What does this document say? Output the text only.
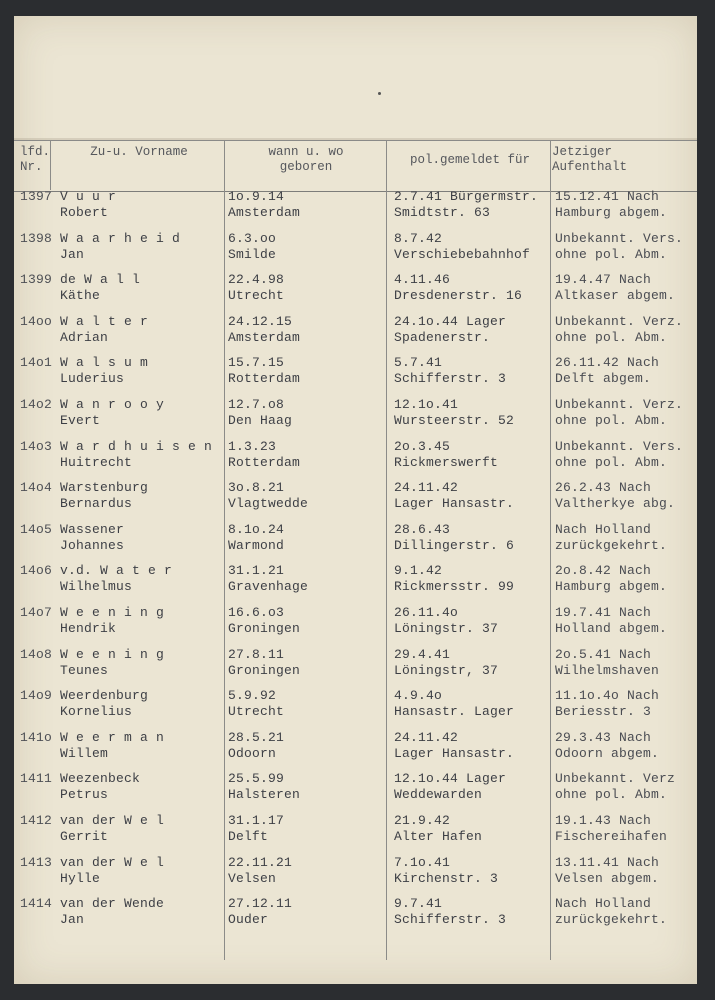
lfd.
Nr.
Zu-u. Vorname	wann u. wo
geboren	pol.gemeldet für
Jetziger
Aufenthalt
1397 V u u r
Robert
1o.9.14
Amsterdam
2.7.41 Bürgermstr.
Smidtstr. 63
15.12.41 Nach
Hamburg abgem.
1398 W a a r h e i d
Jan
6.3.oo
Smilde
8.7.42
Verschiebebahnhof
Unbekannt. Vers.
ohne pol. Abm.
1399 de W a l l
Käthe
22.4.98
Utrecht
4.11.46
Dresdenerstr. 16
19.4.47 Nach
Altkaser abgem.
14oo W a l t e r
Adrian
24.12.15
Amsterdam
24.1o.44 Lager
Spadenerstr.
Unbekannt. Verz.
ohne pol. Abm.
14o1 W a l s u m
Luderius
15.7.15
Rotterdam
5.7.41
Schifferstr. 3
26.11.42 Nach
Delft abgem.
14o2 W a n r o o y
Evert
12.7.o8
Den Haag
12.1o.41
Wursteerstr. 52
Unbekannt. Verz.
ohne pol. Abm.
14o3 W a r d h u i s e n
Huitrecht
1.3.23
Rotterdam
2o.3.45
Rickmerswerft
Unbekannt. Vers.
ohne pol. Abm.
14o4 Warstenburg
Bernardus
3o.8.21
Vlagtwedde
24.11.42
Lager Hansastr.
26.2.43 Nach
Valtherkye abg.
14o5 Wassener
Johannes
8.1o.24
Warmond
28.6.43
Dillingerstr. 6
Nach Holland
zurückgekehrt.
14o6 v.d. W a t e r
Wilhelmus
31.1.21
Gravenhage
9.1.42
Rickmersstr. 99
2o.8.42 Nach
Hamburg abgem.
14o7 W e e n i n g
Hendrik
16.6.o3
Groningen
26.11.4o
Löningstr. 37
19.7.41 Nach
Holland abgem.
14o8 W e e n i n g
Teunes
27.8.11
Groningen
29.4.41
Löningstr, 37
2o.5.41 Nach
Wilhelmshaven
14o9 Weerdenburg
Kornelius
5.9.92
Utrecht
4.9.4o
Hansastr. Lager
11.1o.4o Nach
Beriesstr. 3
141o W e e r m a n
Willem
28.5.21
Odoorn
24.11.42
Lager Hansastr.
29.3.43 Nach
Odoorn abgem.
1411 Weezenbeck
Petrus
25.5.99
Halsteren
12.1o.44 Lager
Weddewarden
Unbekannt. Verz
ohne pol. Abm.
1412 van der W e l
Gerrit
31.1.17
Delft
21.9.42
Alter Hafen
19.1.43 Nach
Fischereihafen
1413 van der W e l
Hylle
22.11.21
Velsen
7.1o.41
Kirchenstr. 3
13.11.41 Nach
Velsen abgem.
1414 van der Wende
Jan
27.12.11
Ouder
9.7.41
Schifferstr. 3
Nach Holland
zurückgekehrt.
